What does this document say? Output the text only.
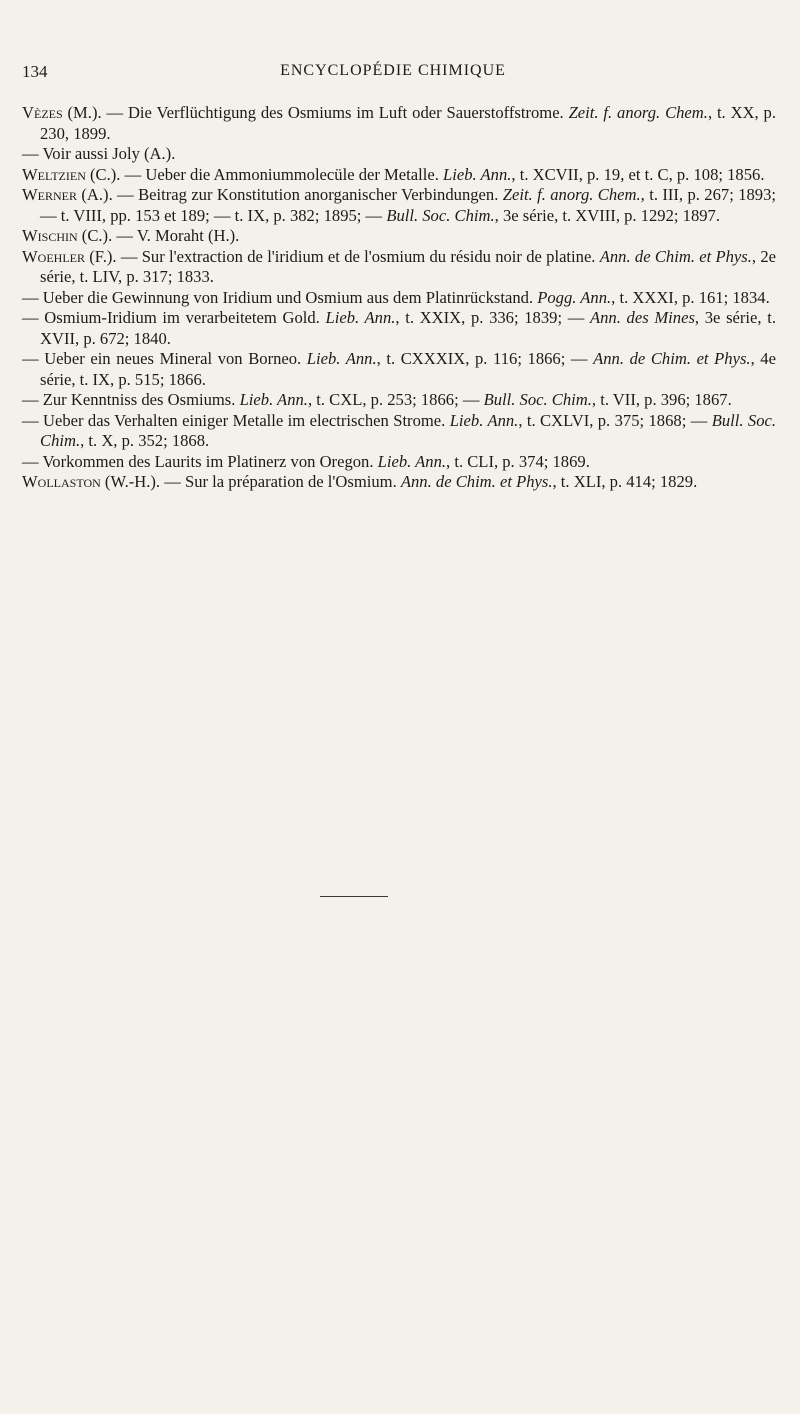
134	ENCYCLOPÉDIE CHIMIQUE

Vèzes (M.). — Die Verflüchtigung des Osmiums im Luft oder Sauerstoffstrome. Zeit. f. anorg. Chem., t. XX, p. 230, 1899.

— Voir aussi Joly (A.).

Weltzien (C.). — Ueber die Ammoniummolecüle der Metalle. Lieb. Ann., t. XCVII, p. 19, et t. C, p. 108; 1856.

Werner (A.). — Beitrag zur Konstitution anorganischer Verbindungen. Zeit. f. anorg. Chem., t. III, p. 267; 1893; — t. VIII, pp. 153 et 189; — t. IX, p. 382; 1895; — Bull. Soc. Chim., 3e série, t. XVIII, p. 1292; 1897.

Wischin (C.). — V. Moraht (H.).

Woehler (F.). — Sur l'extraction de l'iridium et de l'osmium du résidu noir de platine. Ann. de Chim. et Phys., 2e série, t. LIV, p. 317; 1833.

— Ueber die Gewinnung von Iridium und Osmium aus dem Platinrückstand. Pogg. Ann., t. XXXI, p. 161; 1834.

— Osmium-Iridium im verarbeitetem Gold. Lieb. Ann., t. XXIX, p. 336; 1839; — Ann. des Mines, 3e série, t. XVII, p. 672; 1840.

— Ueber ein neues Mineral von Borneo. Lieb. Ann., t. CXXXIX, p. 116; 1866; — Ann. de Chim. et Phys., 4e série, t. IX, p. 515; 1866.

— Zur Kenntniss des Osmiums. Lieb. Ann., t. CXL, p. 253; 1866; — Bull. Soc. Chim., t. VII, p. 396; 1867.

— Ueber das Verhalten einiger Metalle im electrischen Strome. Lieb. Ann., t. CXLVI, p. 375; 1868; — Bull. Soc. Chim., t. X, p. 352; 1868.

— Vorkommen des Laurits im Platinerz von Oregon. Lieb. Ann., t. CLI, p. 374; 1869.

Wollaston (W.-H.). — Sur la préparation de l'Osmium. Ann. de Chim. et Phys., t. XLI, p. 414; 1829.
